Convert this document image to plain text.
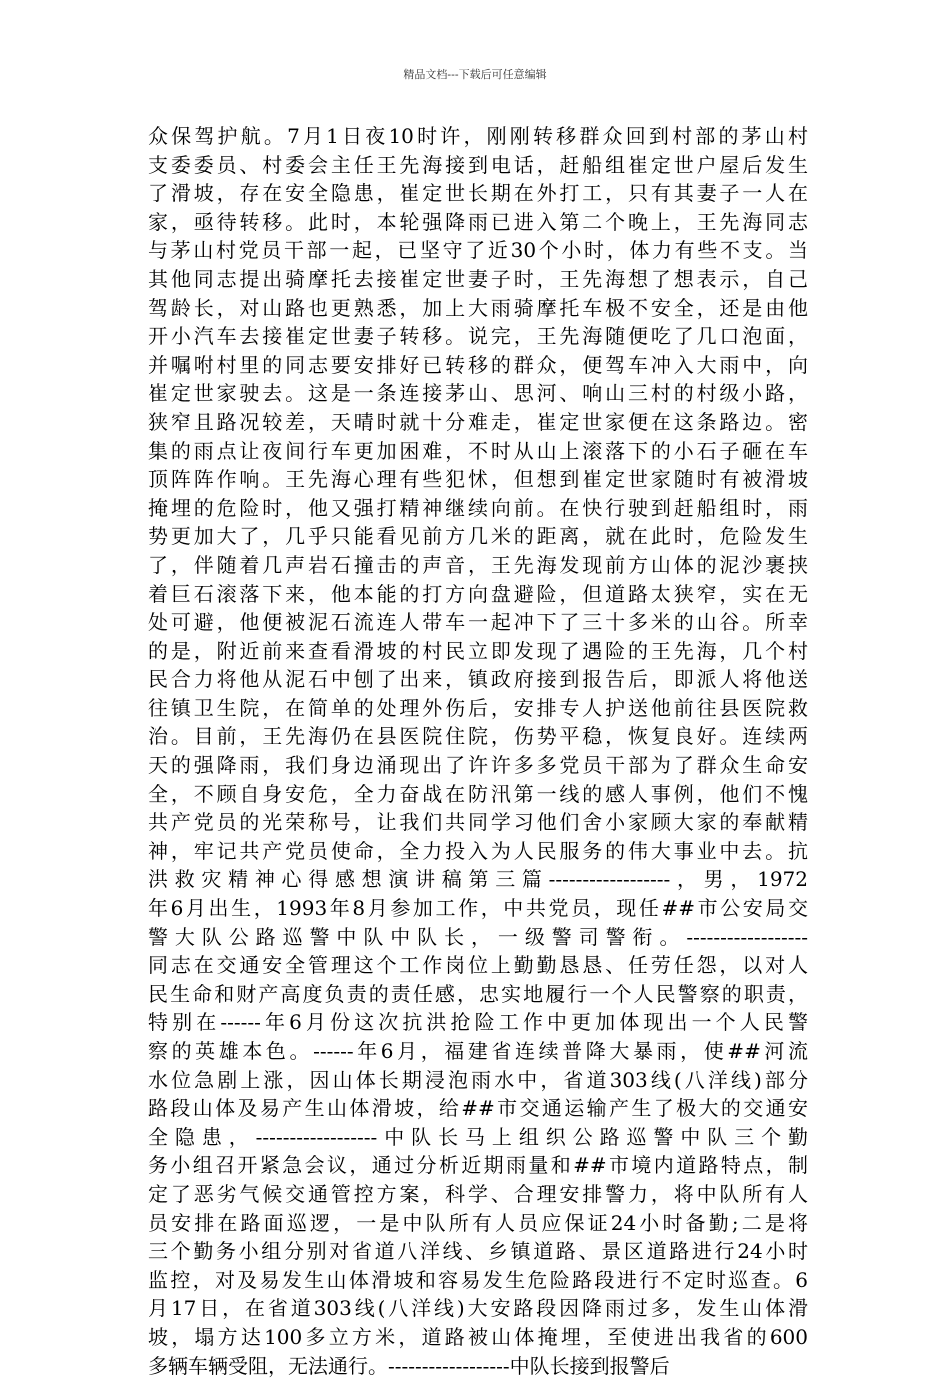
精品文档---下载后可任意编辑
众保驾护航。7月1日夜10时许，刚刚转移群众回到村部的茅山村
支委委员、村委会主任王先海接到电话，赶船组崔定世户屋后发生
了滑坡，存在安全隐患，崔定世长期在外打工，只有其妻子一人在
家，亟待转移。此时，本轮强降雨已进入第二个晚上，王先海同志
与茅山村党员干部一起，已坚守了近30个小时，体力有些不支。当
其他同志提出骑摩托去接崔定世妻子时，王先海想了想表示，自己
驾龄长，对山路也更熟悉，加上大雨骑摩托车极不安全，还是由他
开小汽车去接崔定世妻子转移。说完，王先海随便吃了几口泡面，
并嘱咐村里的同志要安排好已转移的群众，便驾车冲入大雨中，向
崔定世家驶去。这是一条连接茅山、思河、响山三村的村级小路，
狭窄且路况较差，天晴时就十分难走，崔定世家便在这条路边。密
集的雨点让夜间行车更加困难，不时从山上滚落下的小石子砸在车
顶阵阵作响。王先海心理有些犯怵，但想到崔定世家随时有被滑坡
掩埋的危险时，他又强打精神继续向前。在快行驶到赶船组时，雨
势更加大了，几乎只能看见前方几米的距离，就在此时，危险发生
了，伴随着几声岩石撞击的声音，王先海发现前方山体的泥沙裹挟
着巨石滚落下来，他本能的打方向盘避险，但道路太狭窄，实在无
处可避，他便被泥石流连人带车一起冲下了三十多米的山谷。所幸
的是，附近前来查看滑坡的村民立即发现了遇险的王先海，几个村
民合力将他从泥石中刨了出来，镇政府接到报告后，即派人将他送
往镇卫生院，在简单的处理外伤后，安排专人护送他前往县医院救
治。目前，王先海仍在县医院住院，伤势平稳，恢复良好。连续两
天的强降雨，我们身边涌现出了许许多多党员干部为了群众生命安
全，不顾自身安危，全力奋战在防汛第一线的感人事例，他们不愧
共产党员的光荣称号，让我们共同学习他们舍小家顾大家的奉献精
神，牢记共产党员使命，全力投入为人民服务的伟大事业中去。抗
洪救灾精神心得感想演讲稿第三篇------------------，男，1972
年6月出生，1993年8月参加工作，中共党员，现任##市公安局交
警大队公路巡警中队中队长，一级警司警衔。------------------
同志在交通安全管理这个工作岗位上勤勤恳恳、任劳任怨，以对人
民生命和财产高度负责的责任感，忠实地履行一个人民警察的职责，
特别在------年6月份这次抗洪抢险工作中更加体现出一个人民警
察的英雄本色。------年6月，福建省连续普降大暴雨，使##河流
水位急剧上涨，因山体长期浸泡雨水中，省道303线(八洋线)部分
路段山体及易产生山体滑坡，给##市交通运输产生了极大的交通安
全隐患，------------------中队长马上组织公路巡警中队三个勤
务小组召开紧急会议，通过分析近期雨量和##市境内道路特点，制
定了恶劣气候交通管控方案，科学、合理安排警力，将中队所有人
员安排在路面巡逻，一是中队所有人员应保证24小时备勤;二是将
三个勤务小组分别对省道八洋线、乡镇道路、景区道路进行24小时
监控，对及易发生山体滑坡和容易发生危险路段进行不定时巡查。6
月17日，在省道303线(八洋线)大安路段因降雨过多，发生山体滑
坡，塌方达100多立方米，道路被山体掩埋，至使进出我省的600
多辆车辆受阻，无法通行。------------------中队长接到报警后
